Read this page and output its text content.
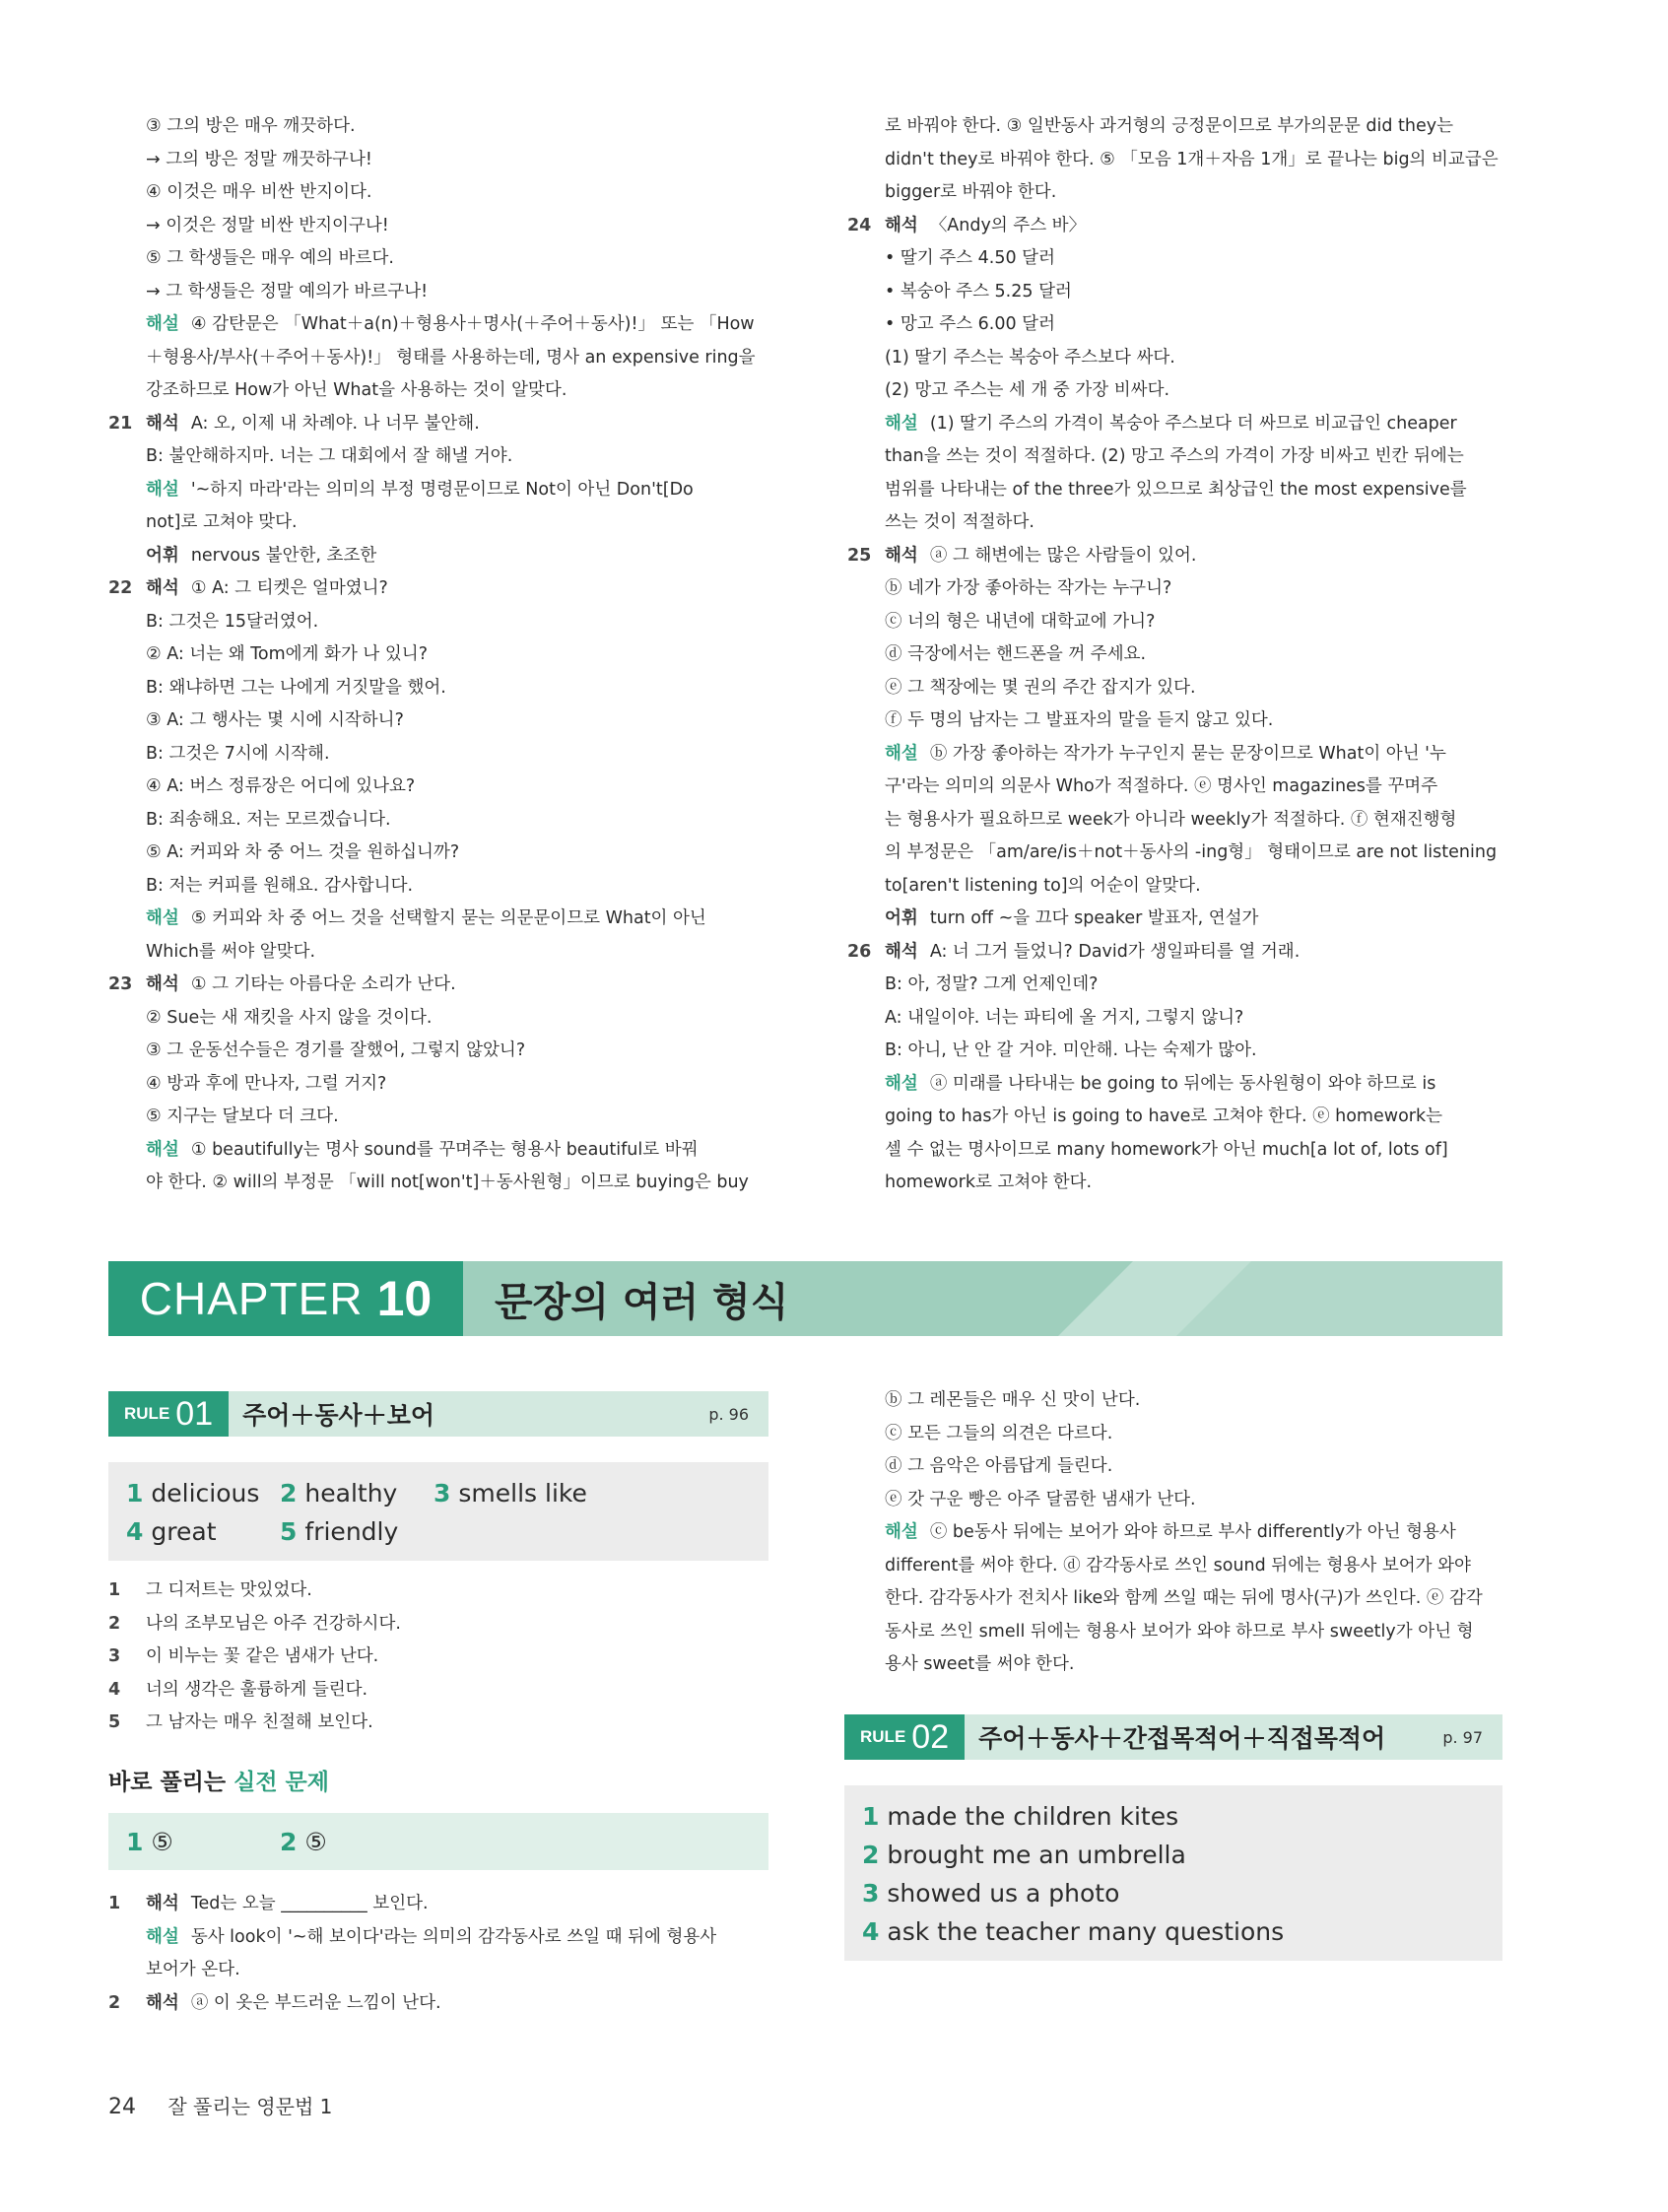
③ 그의 방은 매우 깨끗하다.
→ 그의 방은 정말 깨끗하구나!
④ 이것은 매우 비싼 반지이다.
→ 이것은 정말 비싼 반지이구나!
⑤ 그 학생들은 매우 예의 바르다.
→ 그 학생들은 정말 예의가 바르구나!
해설 ④ 감탄문은 「What＋a(n)＋형용사＋명사(＋주어＋동사)!」 또는 「How
＋형용사/부사(＋주어＋동사)!」 형태를 사용하는데, 명사 an expensive ring을
강조하므로 How가 아닌 What을 사용하는 것이 알맞다.
21 해석 A: 오, 이제 내 차례야. 나 너무 불안해.
B: 불안해하지마. 너는 그 대회에서 잘 해낼 거야.
해설 '~하지 마라'라는 의미의 부정 명령문이므로 Not이 아닌 Don't[Do
not]로 고쳐야 맞다.
어휘 nervous 불안한, 초조한
22 해석 ① A: 그 티켓은 얼마였니?
B: 그것은 15달러였어.
② A: 너는 왜 Tom에게 화가 나 있니?
B: 왜냐하면 그는 나에게 거짓말을 했어.
③ A: 그 행사는 몇 시에 시작하니?
B: 그것은 7시에 시작해.
④ A: 버스 정류장은 어디에 있나요?
B: 죄송해요. 저는 모르겠습니다.
⑤ A: 커피와 차 중 어느 것을 원하십니까?
B: 저는 커피를 원해요. 감사합니다.
해설 ⑤ 커피와 차 중 어느 것을 선택할지 묻는 의문문이므로 What이 아닌
Which를 써야 알맞다.
23 해석 ① 그 기타는 아름다운 소리가 난다.
② Sue는 새 재킷을 사지 않을 것이다.
③ 그 운동선수들은 경기를 잘했어, 그렇지 않았니?
④ 방과 후에 만나자, 그럴 거지?
⑤ 지구는 달보다 더 크다.
해설 ① beautifully는 명사 sound를 꾸며주는 형용사 beautiful로 바꿔
야 한다. ② will의 부정문 「will not[won't]＋동사원형」이므로 buying은 buy
로 바꿔야 한다. ③ 일반동사 과거형의 긍정문이므로 부가의문문 did they는
didn't they로 바꿔야 한다. ⑤ 「모음 1개＋자음 1개」로 끝나는 big의 비교급은
bigger로 바꿔야 한다.
24 해석 〈Andy의 주스 바〉
• 딸기 주스 4.50 달러
• 복숭아 주스 5.25 달러
• 망고 주스 6.00 달러
(1) 딸기 주스는 복숭아 주스보다 싸다.
(2) 망고 주스는 세 개 중 가장 비싸다.
해설 (1) 딸기 주스의 가격이 복숭아 주스보다 더 싸므로 비교급인 cheaper
than을 쓰는 것이 적절하다. (2) 망고 주스의 가격이 가장 비싸고 빈칸 뒤에는
범위를 나타내는 of the three가 있으므로 최상급인 the most expensive를
쓰는 것이 적절하다.
25 해석 ⓐ 그 해변에는 많은 사람들이 있어.
ⓑ 네가 가장 좋아하는 작가는 누구니?
ⓒ 너의 형은 내년에 대학교에 가니?
ⓓ 극장에서는 핸드폰을 꺼 주세요.
ⓔ 그 책장에는 몇 권의 주간 잡지가 있다.
ⓕ 두 명의 남자는 그 발표자의 말을 듣지 않고 있다.
해설 ⓑ 가장 좋아하는 작가가 누구인지 묻는 문장이므로 What이 아닌 '누
구'라는 의미의 의문사 Who가 적절하다. ⓔ 명사인 magazines를 꾸며주
는 형용사가 필요하므로 week가 아니라 weekly가 적절하다. ⓕ 현재진행형
의 부정문은 「am/are/is＋not＋동사의 -ing형」 형태이므로 are not listening
to[aren't listening to]의 어순이 알맞다.
어휘 turn off ~을 끄다 speaker 발표자, 연설가
26 해석 A: 너 그거 들었니? David가 생일파티를 열 거래.
B: 아, 정말? 그게 언제인데?
A: 내일이야. 너는 파티에 올 거지, 그렇지 않니?
B: 아니, 난 안 갈 거야. 미안해. 나는 숙제가 많아.
해설 ⓐ 미래를 나타내는 be going to 뒤에는 동사원형이 와야 하므로 is
going to has가 아닌 is going to have로 고쳐야 한다. ⓔ homework는
셀 수 없는 명사이므로 many homework가 아닌 much[a lot of, lots of]
homework로 고쳐야 한다.
CHAPTER 10 문장의 여러 형식
RULE 01 주어＋동사＋보어	p. 96
1 delicious 2 healthy 3 smells like
4 great	5 friendly
1 그 디저트는 맛있었다.
2 나의 조부모님은 아주 건강하시다.
3 이 비누는 꽃 같은 냄새가 난다.
4 너의 생각은 훌륭하게 들린다.
5 그 남자는 매우 친절해 보인다.
바로 풀리는 실전 문제
1 ⑤	2 ⑤
1 해석 Ted는 오늘 __________ 보인다.
해설 동사 look이 '~해 보이다'라는 의미의 감각동사로 쓰일 때 뒤에 형용사
보어가 온다.
2 해석 ⓐ 이 옷은 부드러운 느낌이 난다.
ⓑ 그 레몬들은 매우 신 맛이 난다.
ⓒ 모든 그들의 의견은 다르다.
ⓓ 그 음악은 아름답게 들린다.
ⓔ 갓 구운 빵은 아주 달콤한 냄새가 난다.
해설 ⓒ be동사 뒤에는 보어가 와야 하므로 부사 differently가 아닌 형용사
different를 써야 한다. ⓓ 감각동사로 쓰인 sound 뒤에는 형용사 보어가 와야
한다. 감각동사가 전치사 like와 함께 쓰일 때는 뒤에 명사(구)가 쓰인다. ⓔ 감각
동사로 쓰인 smell 뒤에는 형용사 보어가 와야 하므로 부사 sweetly가 아닌 형
용사 sweet를 써야 한다.
RULE 02 주어＋동사＋간접목적어＋직접목적어	p. 97
1 made the children kites
2 brought me an umbrella
3 showed us a photo
4 ask the teacher many questions
24 잘 풀리는 영문법 1
